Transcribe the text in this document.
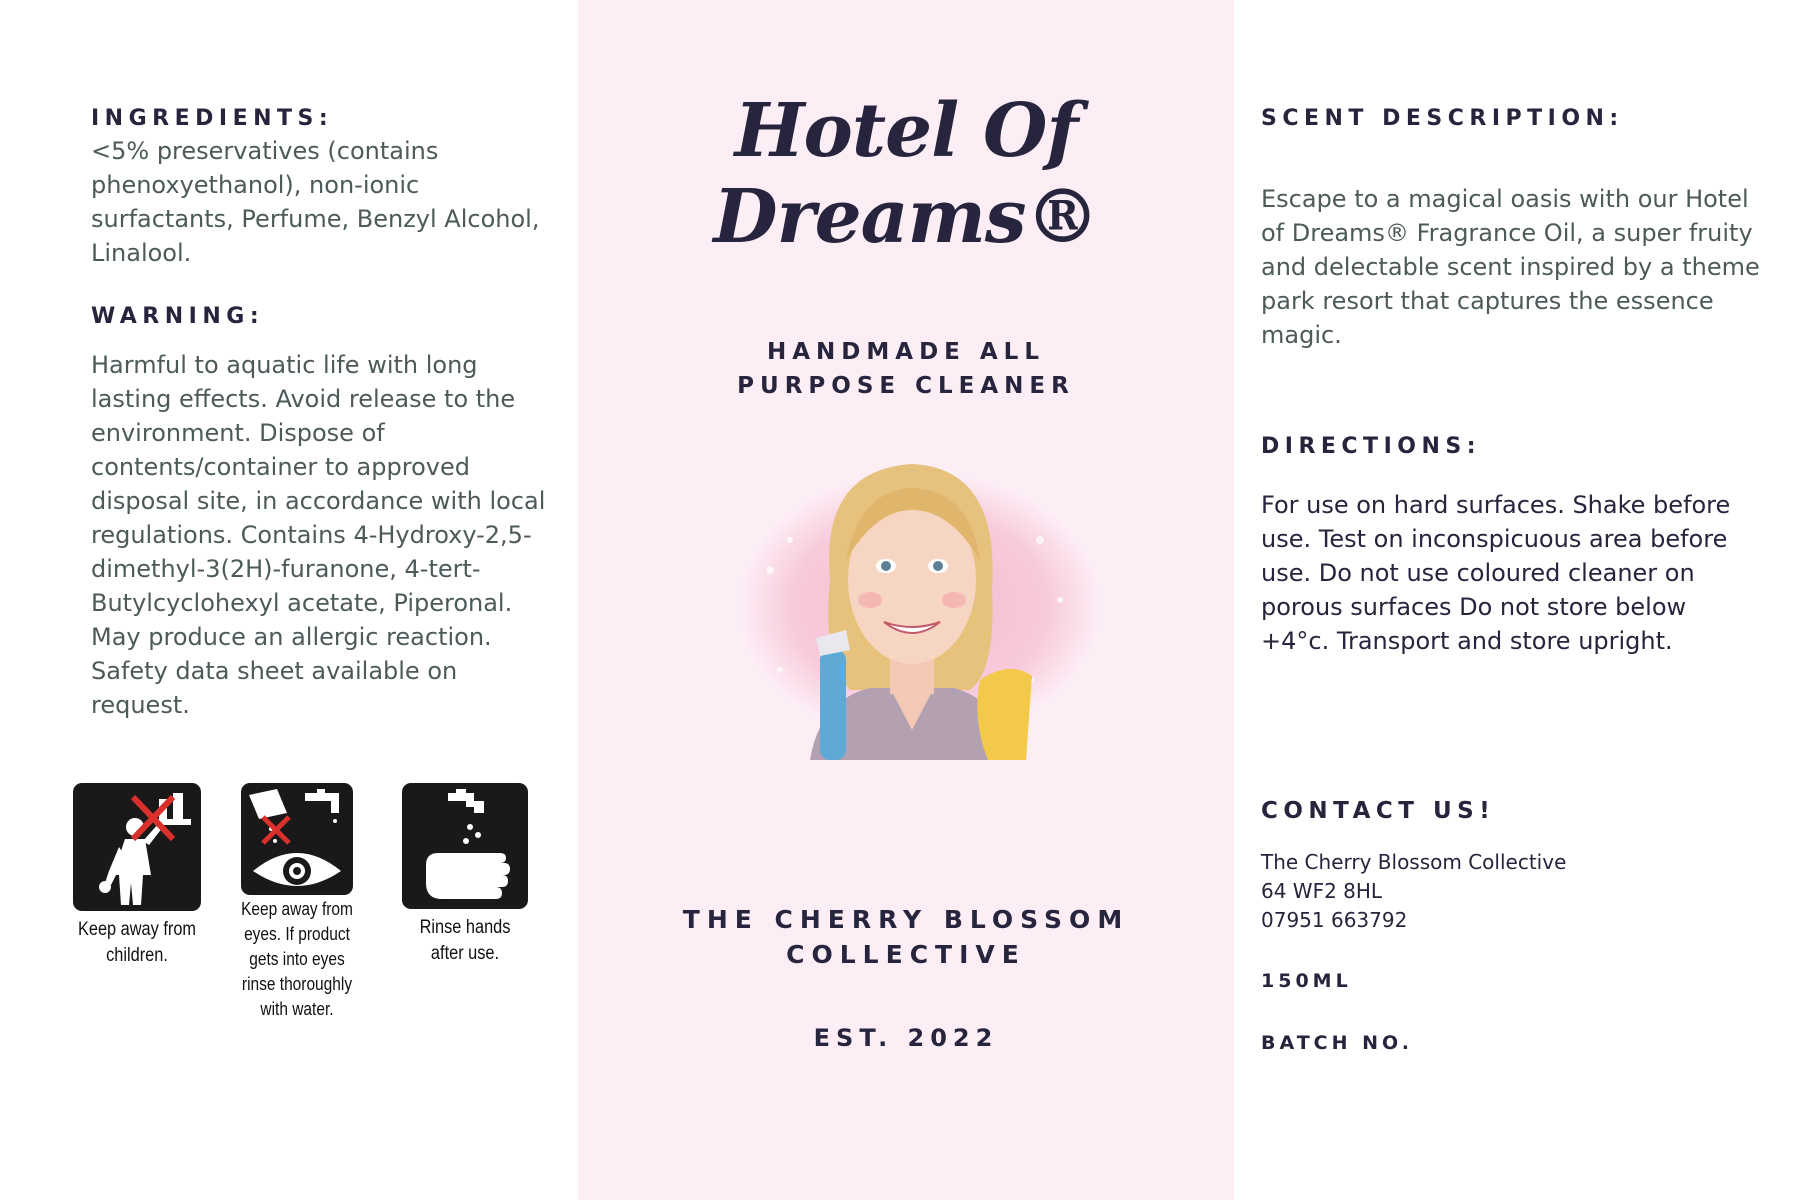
INGREDIENTS:

<5% preservatives (contains phenoxyethanol), non-ionic surfactants, Perfume, Benzyl Alcohol, Linalool.

WARNING:

Harmful to aquatic life with long lasting effects. Avoid release to the environment. Dispose of contents/container to approved disposal site, in accordance with local regulations. Contains 4-Hydroxy-2,5-dimethyl-3(2H)-furanone, 4-tert-Butylcyclohexyl acetate, Piperonal. May produce an allergic reaction. Safety data sheet available on request.

Keep away from children.
Keep away from eyes. If product gets into eyes rinse thoroughly with water.
Rinse hands after use.
Hotel Of Dreams®
HANDMADE ALL
PURPOSE CLEANER
THE CHERRY BLOSSOM
COLLECTIVE
EST. 2022
SCENT DESCRIPTION:

Escape to a magical oasis with our Hotel of Dreams® Fragrance Oil, a super fruity and delectable scent inspired by a theme park resort that captures the essence magic.

DIRECTIONS:

For use on hard surfaces. Shake before use. Test on inconspicuous area before use. Do not use coloured cleaner on porous surfaces Do not store below +4°c. Transport and store upright.

CONTACT US!
The Cherry Blossom Collective
64 WF2 8HL
07951 663792
150ML
BATCH NO.
